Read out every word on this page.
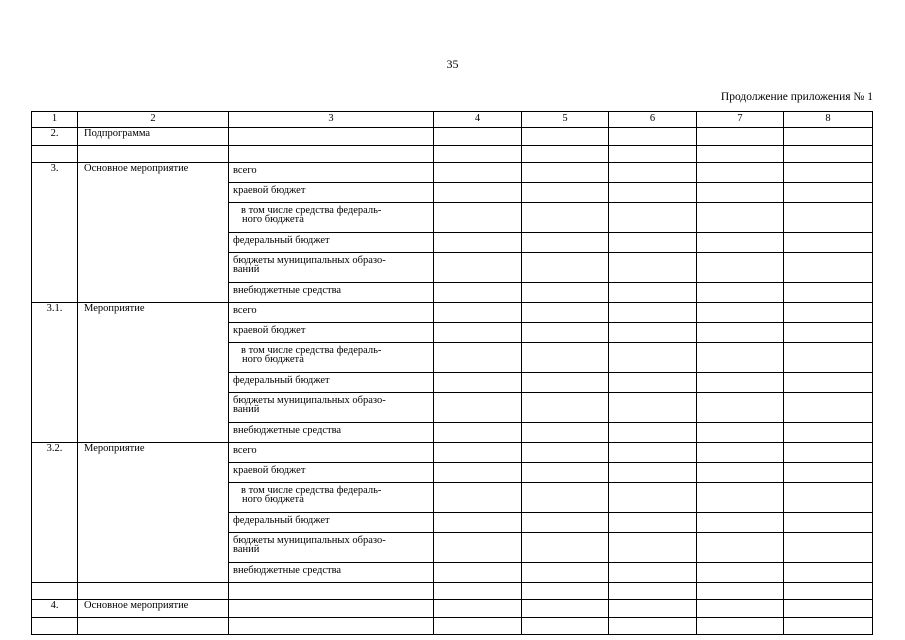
35
Продолжение приложения № 1
1	2	3	4	5	6	7	8
2.	Подпрограмма						

3.	Основное мероприятие	всего					
		краевой бюджет					
		в том числе средства федераль-
ного бюджета					
		федеральный бюджет					
		бюджеты муниципальных образо-
ваний					
		внебюджетные средства					
3.1.	Мероприятие	всего					
		краевой бюджет					
		в том числе средства федераль-
ного бюджета					
		федеральный бюджет					
		бюджеты муниципальных образо-
ваний					
		внебюджетные средства					
3.2.	Мероприятие	всего					
		краевой бюджет					
		в том числе средства федераль-
ного бюджета					
		федеральный бюджет					
		бюджеты муниципальных образо-
ваний					
		внебюджетные средства					

4.	Основное мероприятие						
